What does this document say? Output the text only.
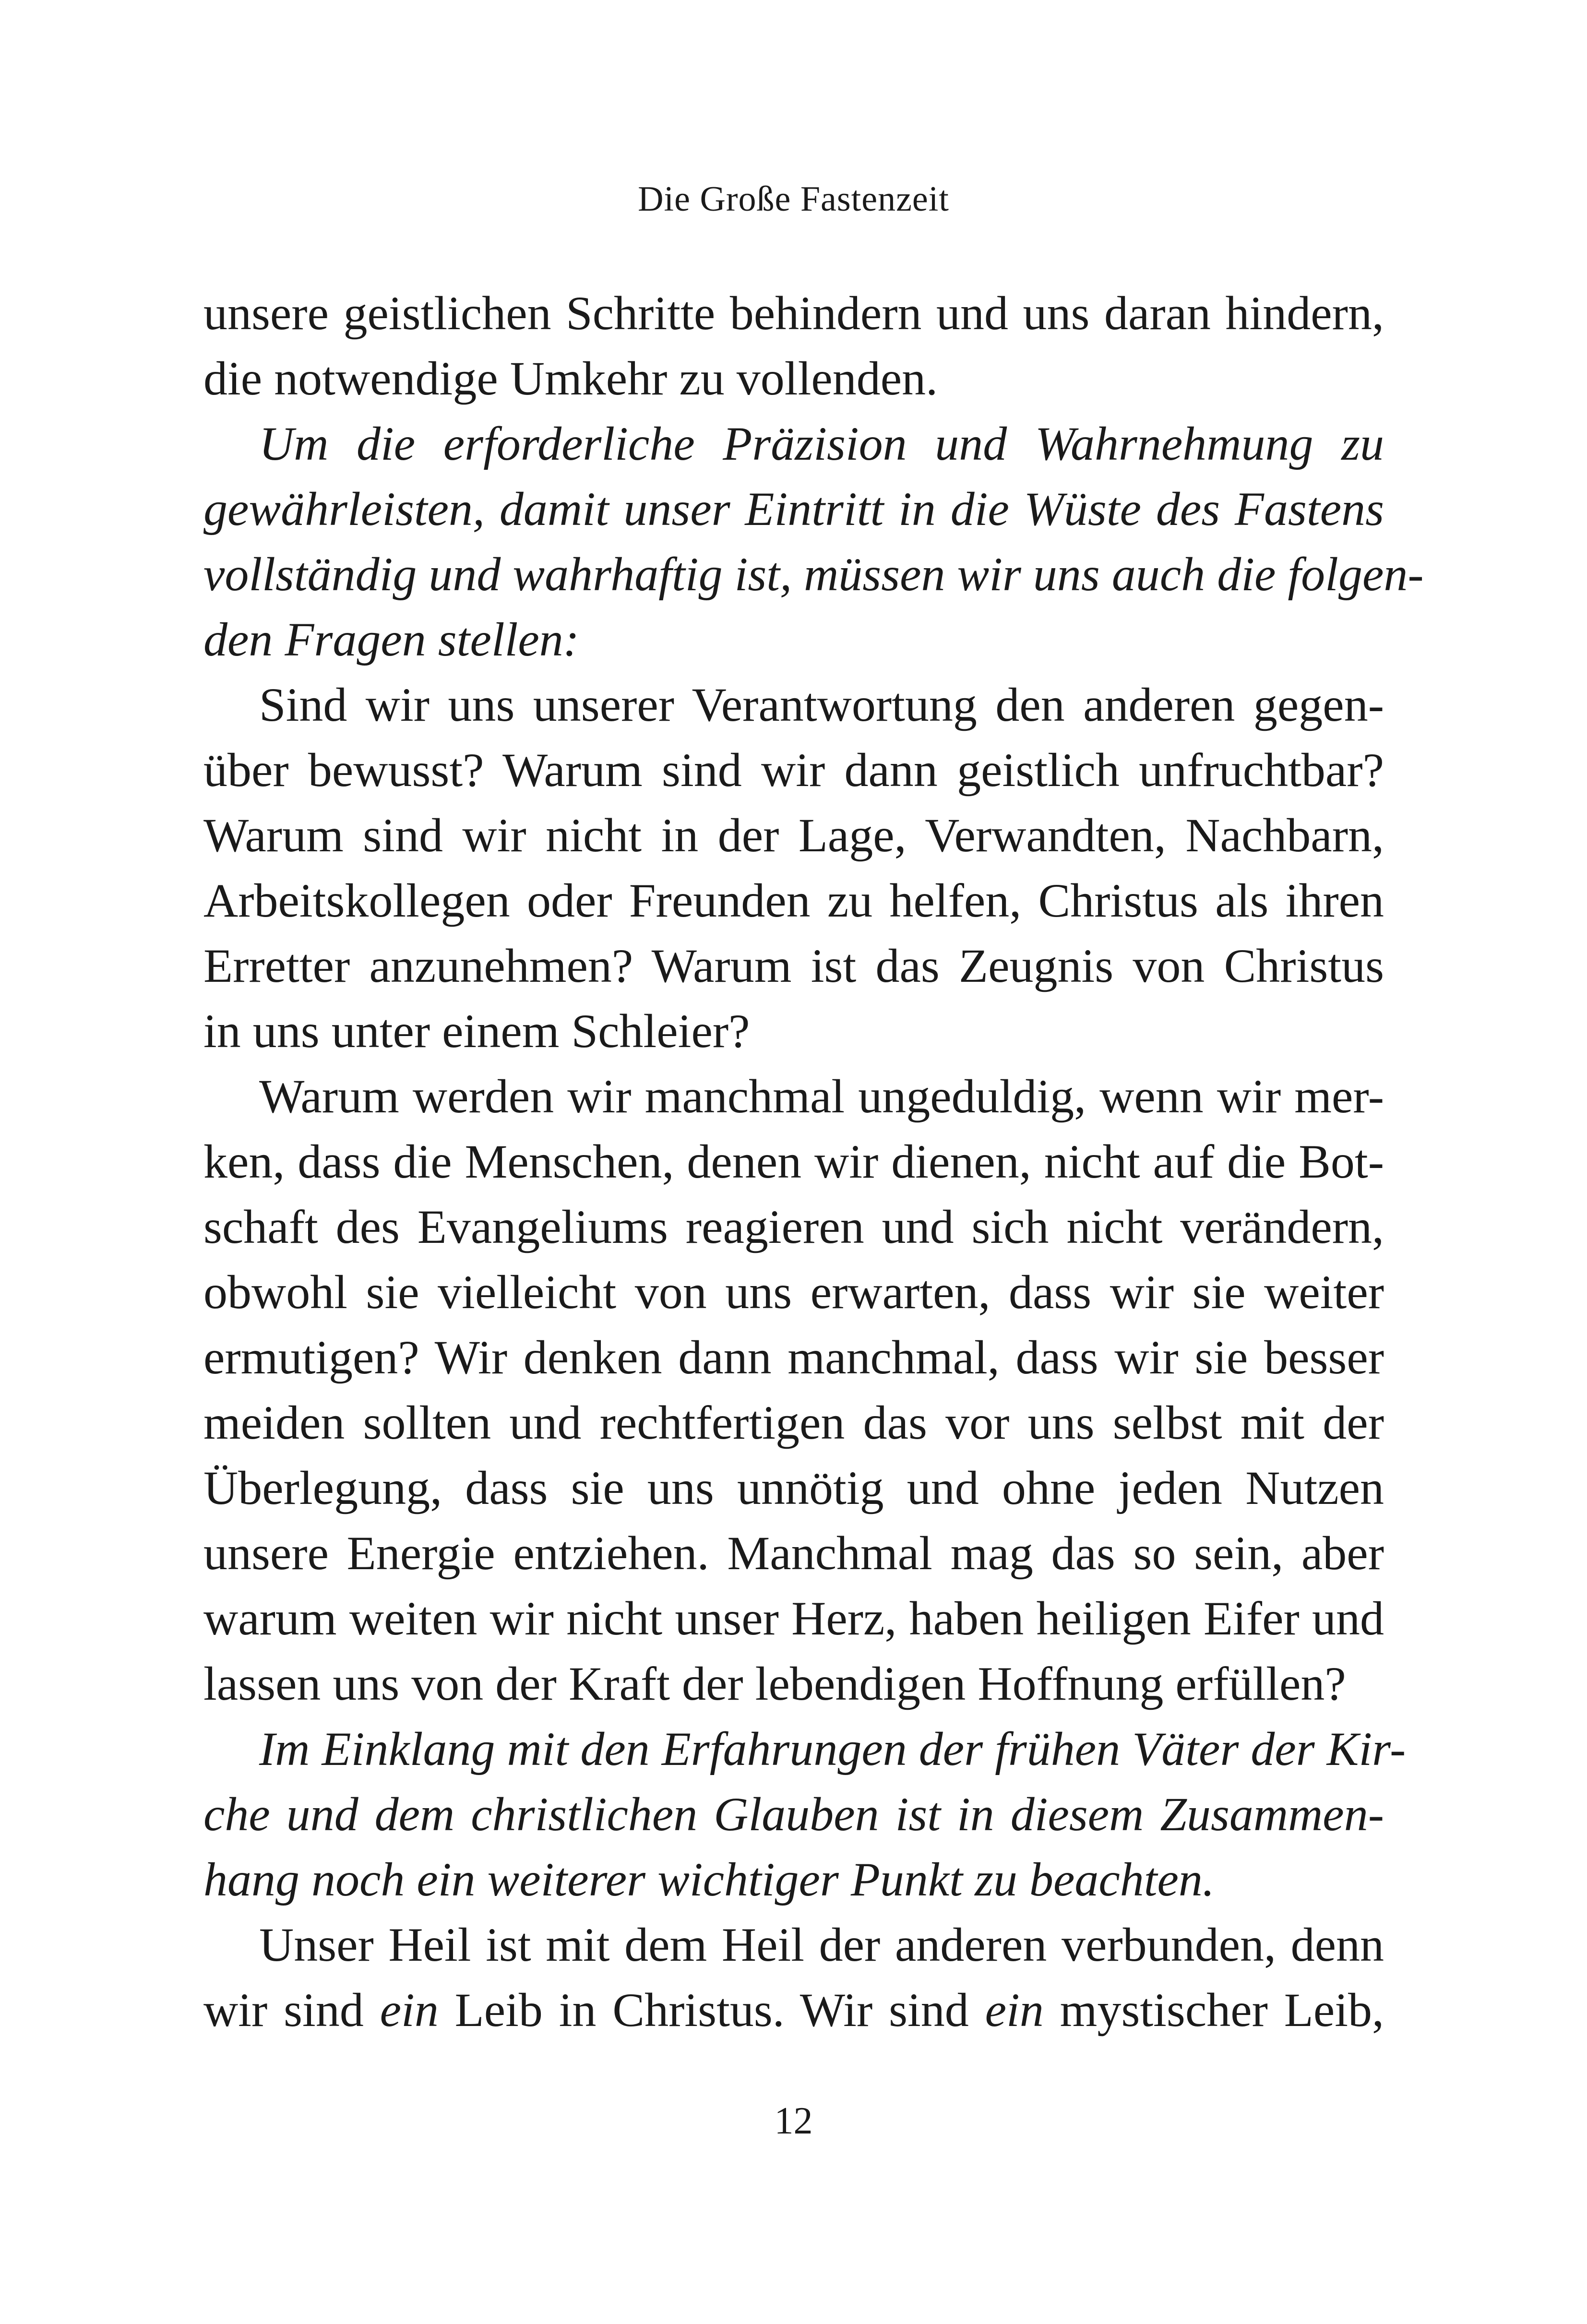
Die Große Fastenzeit
unsere geistlichen Schritte behindern und uns daran hindern,
die notwendige Umkehr zu vollenden.
Um die erforderliche Präzision und Wahrnehmung zu
gewährleisten, damit unser Eintritt in die Wüste des Fastens
vollständig und wahrhaftig ist, müssen wir uns auch die folgen-
den Fragen stellen:
Sind wir uns unserer Verantwortung den anderen gegen-
über bewusst? Warum sind wir dann geistlich unfruchtbar?
Warum sind wir nicht in der Lage, Verwandten, Nachbarn,
Arbeitskollegen oder Freunden zu helfen, Christus als ihren
Erretter anzunehmen? Warum ist das Zeugnis von Christus
in uns unter einem Schleier?
Warum werden wir manchmal ungeduldig, wenn wir mer-
ken, dass die Menschen, denen wir dienen, nicht auf die Bot-
schaft des Evangeliums reagieren und sich nicht verändern,
obwohl sie vielleicht von uns erwarten, dass wir sie weiter
ermutigen? Wir denken dann manchmal, dass wir sie besser
meiden sollten und rechtfertigen das vor uns selbst mit der
Überlegung, dass sie uns unnötig und ohne jeden Nutzen
unsere Energie entziehen. Manchmal mag das so sein, aber
warum weiten wir nicht unser Herz, haben heiligen Eifer und
lassen uns von der Kraft der lebendigen Hoffnung erfüllen?
Im Einklang mit den Erfahrungen der frühen Väter der Kir-
che und dem christlichen Glauben ist in diesem Zusammen-
hang noch ein weiterer wichtiger Punkt zu beachten.
Unser Heil ist mit dem Heil der anderen verbunden, denn
wir sind ein Leib in Christus. Wir sind ein mystischer Leib,
12
